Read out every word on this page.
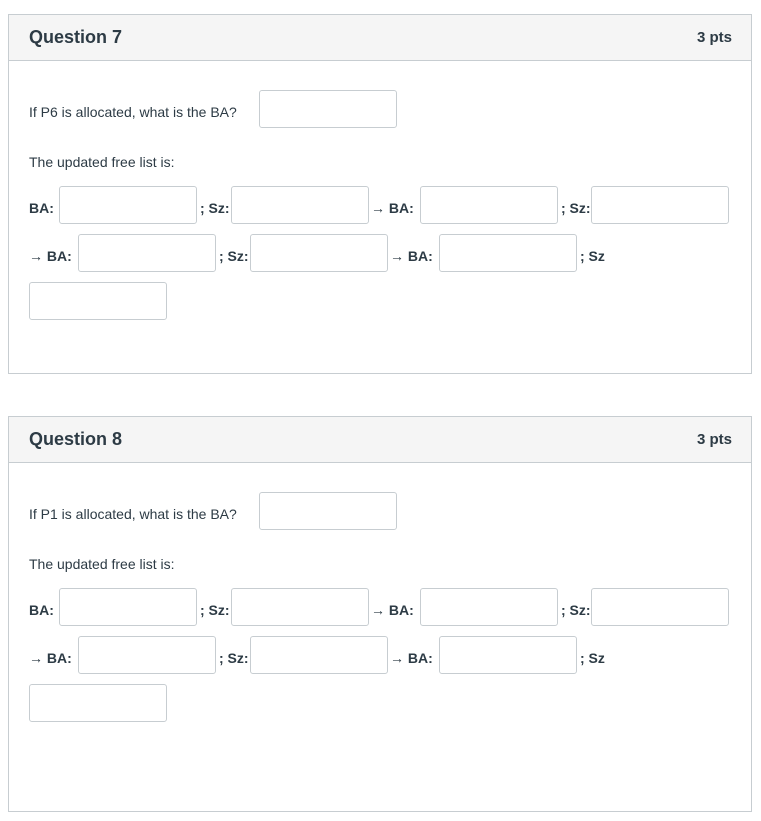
Question 7	3 pts
If P6 is allocated, what is the BA?
The updated free list is:
BA:	; Sz:	→ BA:	; Sz:
→ BA:	; Sz:	→ BA:	; Sz
Question 8	3 pts
If P1 is allocated, what is the BA?
The updated free list is:
BA:	; Sz:	→ BA:	; Sz:
→ BA:	; Sz:	→ BA:	; Sz
